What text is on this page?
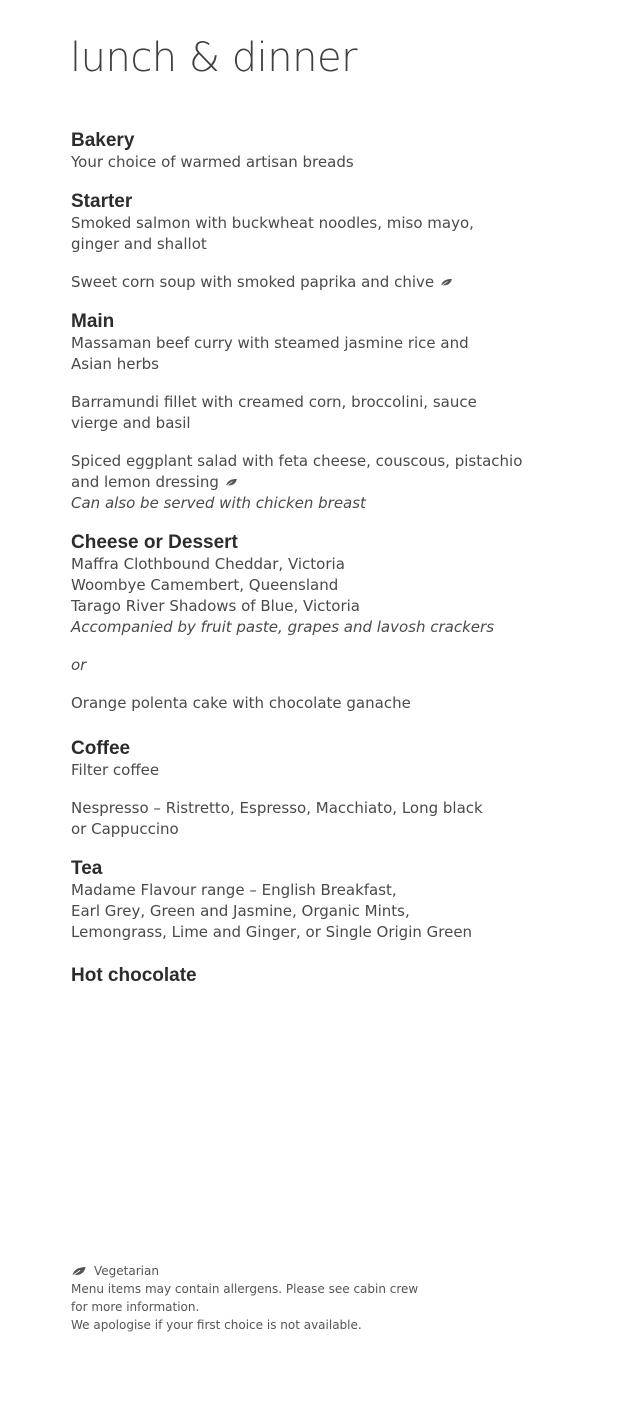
lunch & dinner
Bakery
Your choice of warmed artisan breads
Starter
Smoked salmon with buckwheat noodles, miso mayo,
ginger and shallot
Sweet corn soup with smoked paprika and chive
Main
Massaman beef curry with steamed jasmine rice and
Asian herbs
Barramundi fillet with creamed corn, broccolini, sauce
vierge and basil
Spiced eggplant salad with feta cheese, couscous, pistachio
and lemon dressing
Can also be served with chicken breast
Cheese or Dessert
Maffra Clothbound Cheddar, Victoria
Woombye Camembert, Queensland
Tarago River Shadows of Blue, Victoria
Accompanied by fruit paste, grapes and lavosh crackers
or
Orange polenta cake with chocolate ganache
Coffee
Filter coffee
Nespresso – Ristretto, Espresso, Macchiato, Long black
or Cappuccino
Tea
Madame Flavour range – English Breakfast,
Earl Grey, Green and Jasmine, Organic Mints,
Lemongrass, Lime and Ginger, or Single Origin Green
Hot chocolate
Vegetarian
Menu items may contain allergens. Please see cabin crew
for more information.
We apologise if your first choice is not available.
